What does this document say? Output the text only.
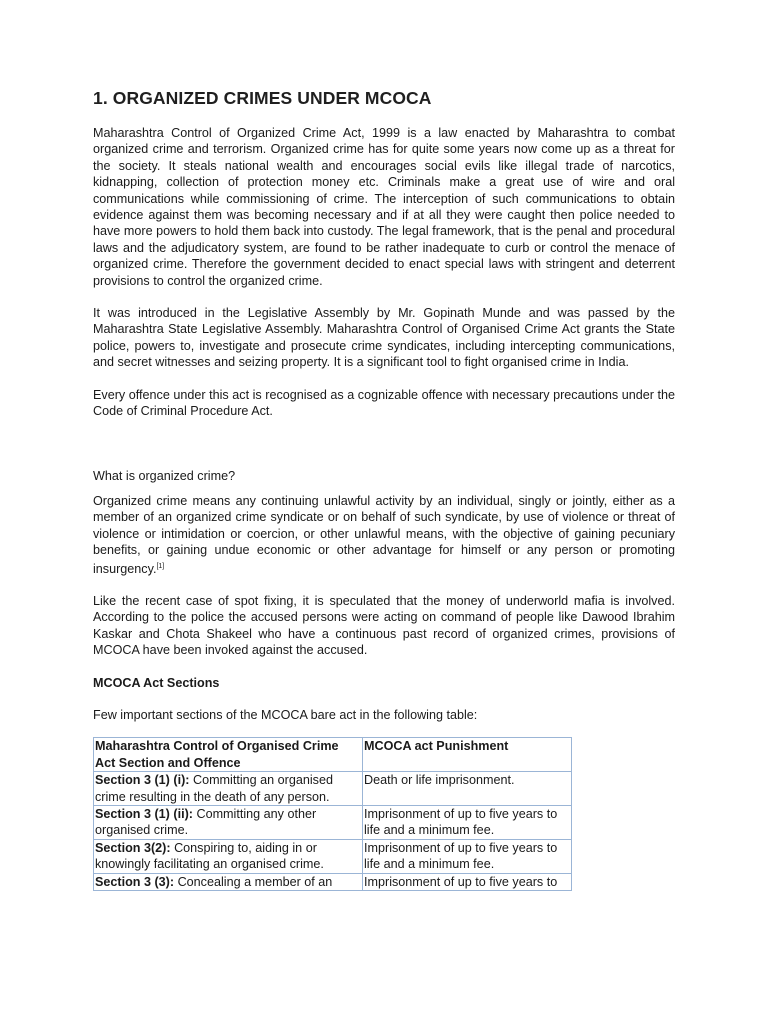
1. ORGANIZED CRIMES UNDER MCOCA

Maharashtra Control of Organized Crime Act, 1999 is a law enacted by Maharashtra to combat organized crime and terrorism. Organized crime has for quite some years now come up as a threat for the society. It steals national wealth and encourages social evils like illegal trade of narcotics, kidnapping, collection of protection money etc. Criminals make a great use of wire and oral communications while commissioning of crime. The interception of such communications to obtain evidence against them was becoming necessary and if at all they were caught then police needed to have more powers to hold them back into custody. The legal framework, that is the penal and procedural laws and the adjudicatory system, are found to be rather inadequate to curb or control the menace of organized crime. Therefore the government decided to enact special laws with stringent and deterrent provisions to control the organized crime.

It was introduced in the Legislative Assembly by Mr. Gopinath Munde and was passed by the Maharashtra State Legislative Assembly. Maharashtra Control of Organised Crime Act grants the State police, powers to, investigate and prosecute crime syndicates, including intercepting communications, and secret witnesses and seizing property. It is a significant tool to fight organised crime in India.

Every offence under this act is recognised as a cognizable offence with necessary precautions under the Code of Criminal Procedure Act.

What is organized crime?

Organized crime means any continuing unlawful activity by an individual, singly or jointly, either as a member of an organized crime syndicate or on behalf of such syndicate, by use of violence or threat of violence or intimidation or coercion, or other unlawful means, with the objective of gaining pecuniary benefits, or gaining undue economic or other advantage for himself or any person or promoting insurgency.[1]

Like the recent case of spot fixing, it is speculated that the money of underworld mafia is involved. According to the police the accused persons were acting on command of people like Dawood Ibrahim Kaskar and Chota Shakeel who have a continuous past record of organized crimes, provisions of MCOCA have been invoked against the accused.

MCOCA Act Sections

Few important sections of the MCOCA bare act in the following table:

Maharashtra Control of Organised Crime Act Section and Offence	MCOCA act Punishment
Section 3 (1) (i): Committing an organised crime resulting in the death of any person.	Death or life imprisonment.
Section 3 (1) (ii): Committing any other organised crime.	Imprisonment of up to five years to life and a minimum fee.
Section 3(2): Conspiring to, aiding in or knowingly facilitating an organised crime.	Imprisonment of up to five years to life and a minimum fee.

Section 3 (3): Concealing a member of an	Imprisonment of up to five years to
